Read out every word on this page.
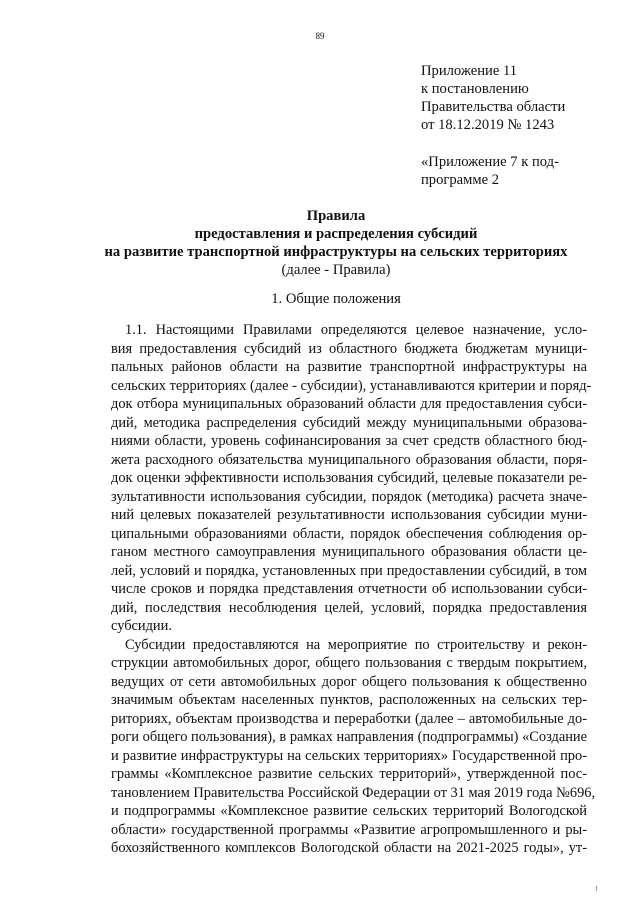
89
Приложение 11
к постановлению
Правительства области
от 18.12.2019 № 1243
«Приложение 7 к под-
программе 2
Правила
предоставления и распределения субсидий
на развитие транспортной инфраструктуры на сельских территориях
(далее - Правила)
1. Общие положения
1.1. Настоящими Правилами определяются целевое назначение, усло-
вия предоставления субсидий из областного бюджета бюджетам муници-
пальных районов области на развитие транспортной инфраструктуры на
сельских территориях (далее - субсидии), устанавливаются критерии и поряд-
док отбора муниципальных образований области для предоставления субси-
дий, методика распределения субсидий между муниципальными образова-
ниями области, уровень софинансирования за счет средств областного бюд-
жета расходного обязательства муниципального образования области, поря-
док оценки эффективности использования субсидий, целевые показатели ре-
зультативности использования субсидии, порядок (методика) расчета значе-
ний целевых показателей результативности использования субсидии муни-
ципальными образованиями области, порядок обеспечения соблюдения ор-
ганом местного самоуправления муниципального образования области це-
лей, условий и порядка, установленных при предоставлении субсидий, в том
числе сроков и порядка представления отчетности об использовании субси-
дий, последствия несоблюдения целей, условий, порядка предоставления
субсидии.
Субсидии предоставляются на мероприятие по строительству и рекон-
струкции автомобильных дорог, общего пользования с твердым покрытием,
ведущих от сети автомобильных дорог общего пользования к общественно
значимым объектам населенных пунктов, расположенных на сельских тер-
риториях, объектам производства и переработки (далее – автомобильные до-
роги общего пользования), в рамках направления (подпрограммы) «Создание
и развитие инфраструктуры на сельских территориях» Государственной про-
граммы «Комплексное развитие сельских территорий», утвержденной пос-
тановлением Правительства Российской Федерации от 31 мая 2019 года №696,
и подпрограммы «Комплексное развитие сельских территорий Вологодской
области» государственной программы «Развитие агропромышленного и ры-
бохозяйственного комплексов Вологодской области на 2021-2025 годы», ут-
